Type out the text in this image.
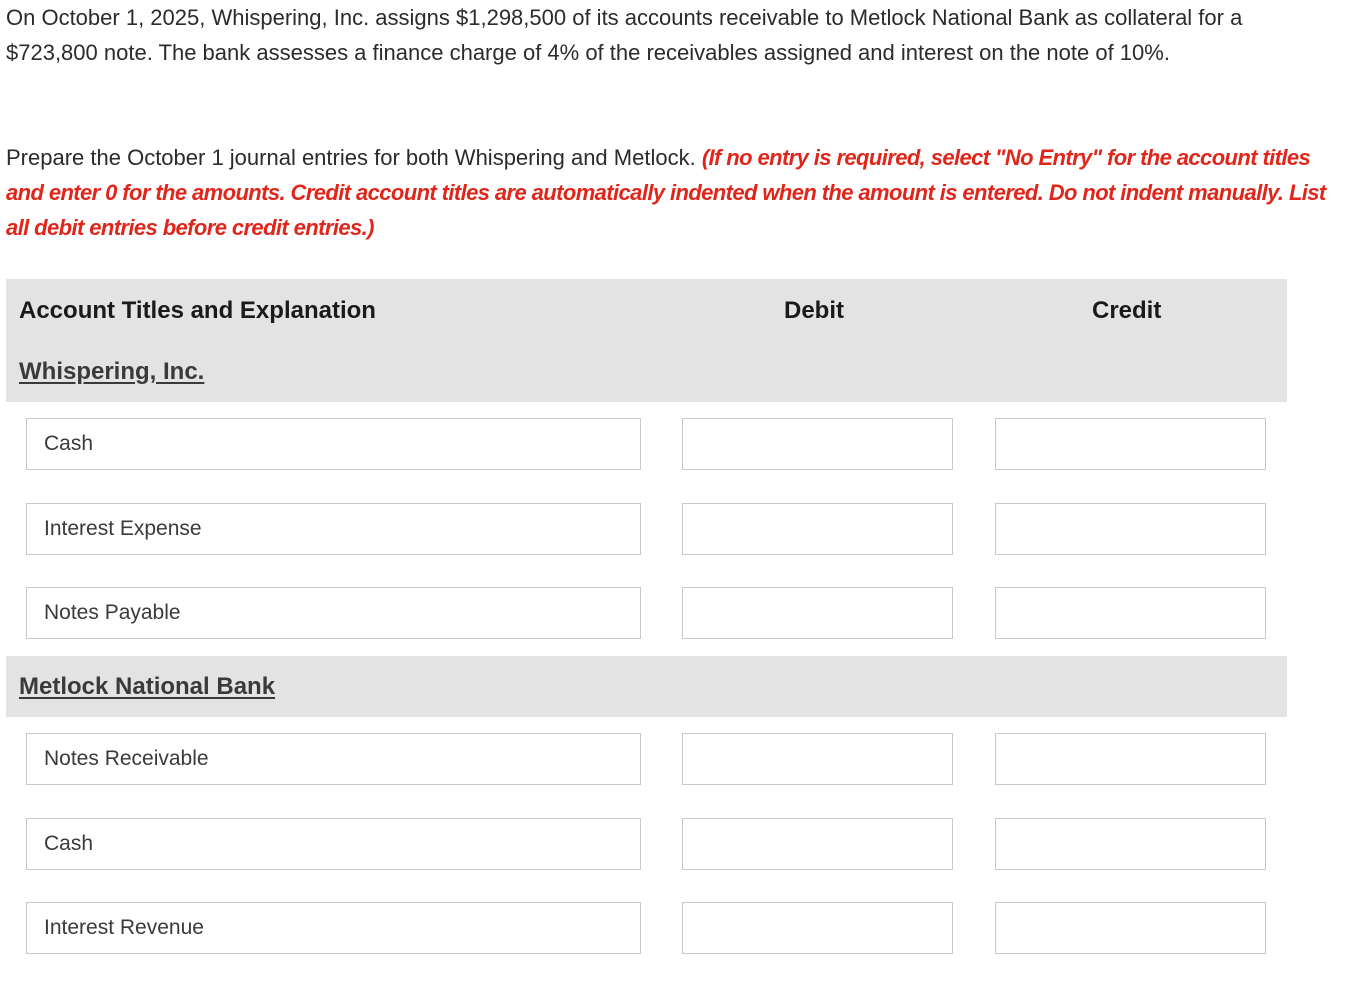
On October 1, 2025, Whispering, Inc. assigns $1,298,500 of its accounts receivable to Metlock National Bank as collateral for a $723,800 note. The bank assesses a finance charge of 4% of the receivables assigned and interest on the note of 10%.

Prepare the October 1 journal entries for both Whispering and Metlock. (If no entry is required, select "No Entry" for the account titles and enter 0 for the amounts. Credit account titles are automatically indented when the amount is entered. Do not indent manually. List all debit entries before credit entries.)

Account Titles and Explanation	Debit	Credit
Whispering, Inc.
Cash
Interest Expense
Notes Payable
Metlock National Bank
Notes Receivable
Cash
Interest Revenue
